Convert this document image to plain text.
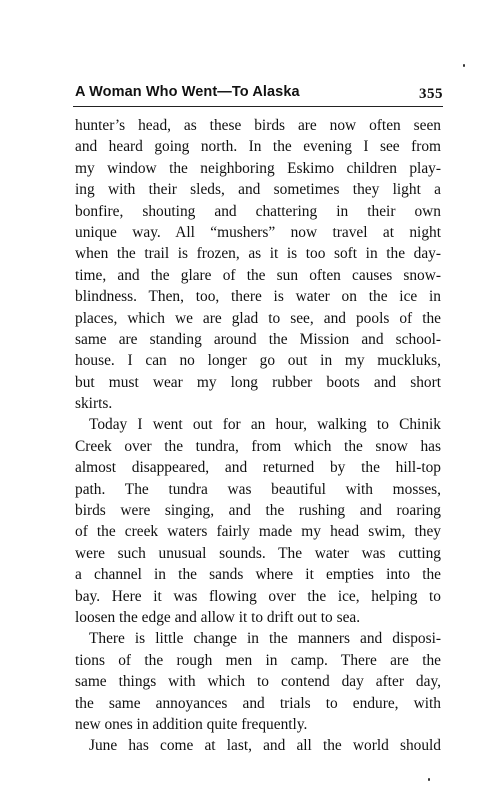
A Woman Who Went—To Alaska	355
hunter’s head, as these birds are now often seen
and heard going north. In the evening I see from
my window the neighboring Eskimo children play-
ing with their sleds, and sometimes they light a
bonfire, shouting and chattering in their own
unique way. All “mushers” now travel at night
when the trail is frozen, as it is too soft in the day-
time, and the glare of the sun often causes snow-
blindness. Then, too, there is water on the ice in
places, which we are glad to see, and pools of the
same are standing around the Mission and school-
house. I can no longer go out in my muckluks,
but must wear my long rubber boots and short
skirts.
Today I went out for an hour, walking to Chinik
Creek over the tundra, from which the snow has
almost disappeared, and returned by the hill-top
path. The tundra was beautiful with mosses,
birds were singing, and the rushing and roaring
of the creek waters fairly made my head swim, they
were such unusual sounds. The water was cutting
a channel in the sands where it empties into the
bay. Here it was flowing over the ice, helping to
loosen the edge and allow it to drift out to sea.
There is little change in the manners and disposi-
tions of the rough men in camp. There are the
same things with which to contend day after day,
the same annoyances and trials to endure, with
new ones in addition quite frequently.
June has come at last, and all the world should
